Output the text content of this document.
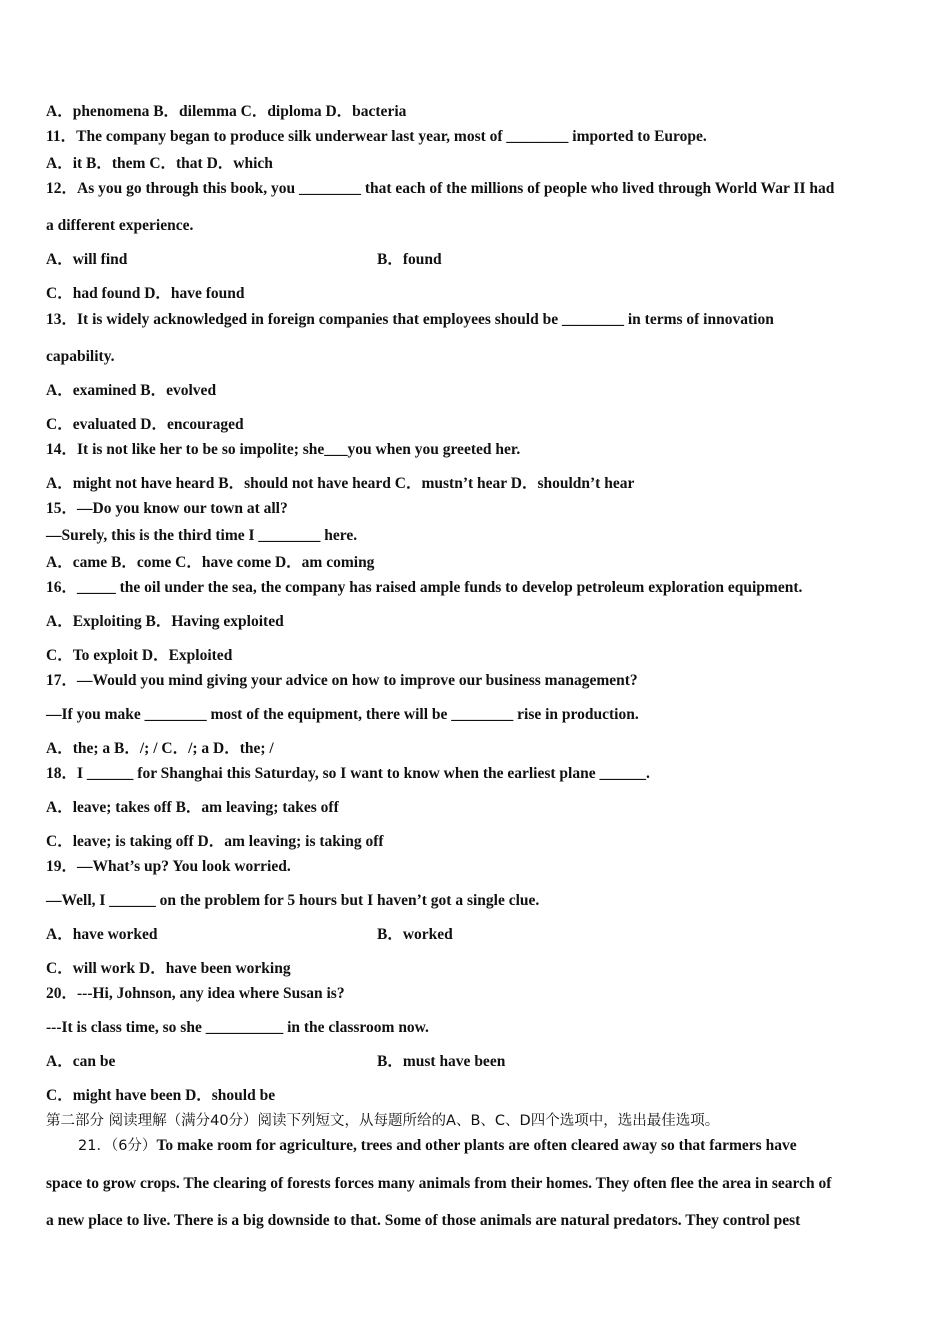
A．phenomena B．dilemma C．diploma D．bacteria
11．The company began to produce silk underwear last year, most of ________ imported to Europe.
A．it B．them C．that D．which
12．As you go through this book, you ________ that each of the millions of people who lived through World War II had
a different experience.
A．will find	B．found
C．had found D．have found
13．It is widely acknowledged in foreign companies that employees should be ________ in terms of innovation
capability.
A．examined B．evolved
C．evaluated D．encouraged
14．It is not like her to be so impolite; she___you when you greeted her.
A．might not have heard B．should not have heard C．mustn’t hear D．shouldn’t hear
15．—Do you know our town at all?
—Surely, this is the third time I ________ here.
A．came B．come C．have come D．am coming
16．_____ the oil under the sea, the company has raised ample funds to develop petroleum exploration equipment.
A．Exploiting B．Having exploited
C．To exploit D．Exploited
17．—Would you mind giving your advice on how to improve our business management?
—If you make ________ most of the equipment, there will be ________ rise in production.
A．the; a B．/; / C．/; a D．the; /
18．I ______ for Shanghai this Saturday, so I want to know when the earliest plane ______.
A．leave; takes off B．am leaving; takes off
C．leave; is taking off D．am leaving; is taking off
19．—What’s up? You look worried.
—Well, I ______ on the problem for 5 hours but I haven’t got a single clue.
A．have worked	B．worked
C．will work D．have been working
20．---Hi, Johnson, any idea where Susan is?
---It is class time, so she __________ in the classroom now.
A．can be	B．must have been
C．might have been D．should be
第二部分 阅读理解（满分40分）阅读下列短文，从每题所给的A、B、C、D四个选项中，选出最佳选项。
21．（6分）To make room for agriculture, trees and other plants are often cleared away so that farmers have
space to grow crops. The clearing of forests forces many animals from their homes. They often flee the area in search of
a new place to live. There is a big downside to that. Some of those animals are natural predators. They control pest
